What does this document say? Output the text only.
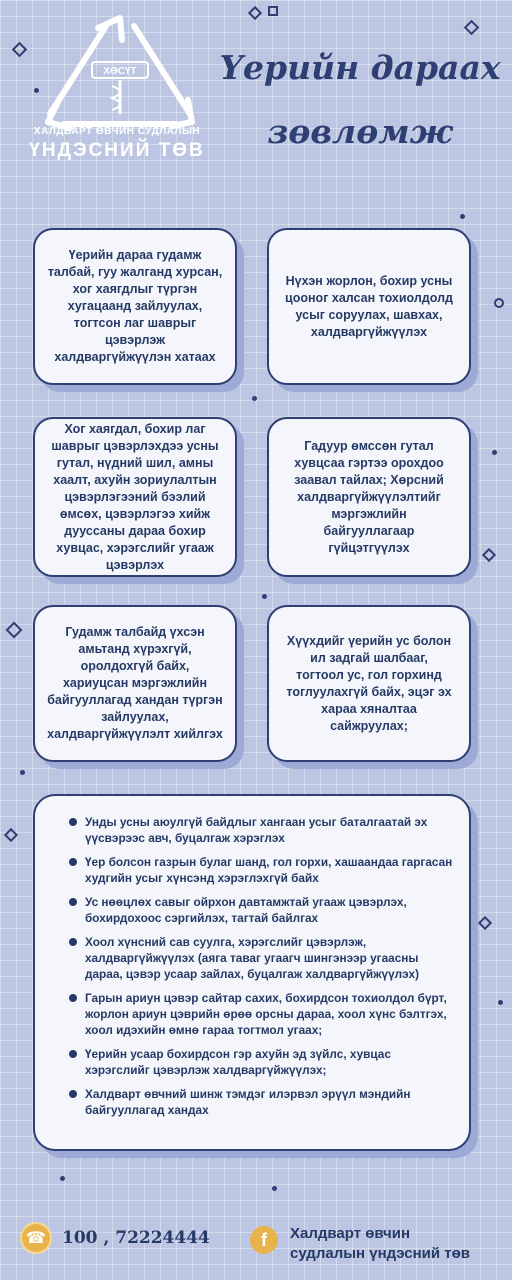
ХӨСҮТ
ХАЛДВАРТ ӨВЧИН СУДЛАЛЫН
ҮНДЭСНИЙ ТӨВ
Үерийн дараах
зөвлөмж
Үерийн дараа гудамж талбай, гуу жалганд хурсан, хог хаягдлыг түргэн хугацаанд зайлуулах, тогтсон лаг шаврыг цэвэрлэж халдваргүйжүүлэн хатаах
Нүхэн жорлон, бохир усны цооног халсан тохиолдолд усыг соруулах, шавхах, халдваргүйжүүлэх
Хог хаягдал, бохир лаг шаврыг цэвэрлэхдээ усны гутал, нүдний шил, амны хаалт, ахуйн зориулалтын цэвэрлэгээний бээлий өмсөх, цэвэрлэгээ хийж дууссаны дараа бохир хувцас, хэрэгслийг угааж цэвэрлэх
Гадуур өмссөн гутал хувцсаа гэртээ орохдоо заавал тайлах; Хөрсний халдваргүйжүүлэлтийг мэргэжлийн байгууллагаар гүйцэтгүүлэх
Гудамж талбайд үхсэн амьтанд хүрэхгүй, оролдохгүй байх, хариуцсан мэргэжлийн байгууллагад хандан түргэн зайлуулах, халдваргүйжүүлэлт хийлгэх
Хүүхдийг үерийн ус болон ил задгай шалбааг, тогтоол ус, гол горхинд тоглуулахгүй байх, эцэг эх хараа хяналтаа сайжруулах;
Унды усны аюулгүй байдлыг хангаан усыг баталгаатай эх үүсвэрээс авч, буцалгаж хэрэглэх
Үер болсон газрын булаг шанд, гол горхи, хашаандаа гаргасан худгийн усыг хүнсэнд хэрэглэхгүй байх
Ус нөөцлөх савыг ойрхон давтамжтай угааж цэвэрлэх, бохирдохоос сэргийлэх, тагтай байлгах
Хоол хүнсний сав суулга, хэрэгслийг цэвэрлэж, халдваргүйжүүлэх (аяга таваг угаагч шингэнээр угаасны дараа, цэвэр усаар зайлах, буцалгаж халдваргүйжүүлэх)
Гарын ариун цэвэр сайтар сахих, бохирдсон тохиолдол бүрт, жорлон ариун цэврийн өрөө орсны дараа, хоол хүнс бэлтгэх, хоол идэхийн өмнө гараа тогтмол угаах;
Үерийн усаар бохирдсон гэр ахуйн эд зүйлс, хувцас хэрэгслийг цэвэрлэж халдваргүйжүүлэх;
Халдварт өвчний шинж тэмдэг илэрвэл эрүүл мэндийн байгууллагад хандах
☎ 100 , 72224444	f	Халдварт өвчин
судлалын үндэсний төв
